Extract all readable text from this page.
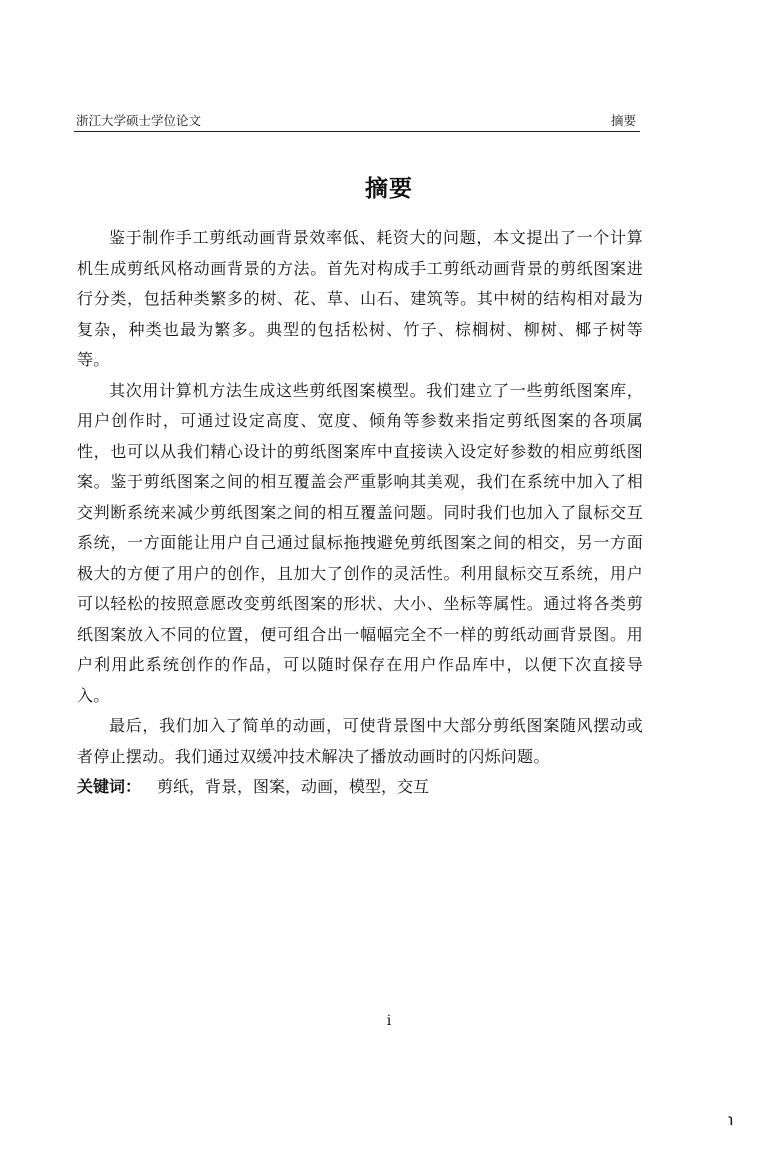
浙江大学硕士学位论文	摘要
摘要

鉴于制作手工剪纸动画背景效率低、耗资大的问题，本文提出了一个计算机生成剪纸风格动画背景的方法。首先对构成手工剪纸动画背景的剪纸图案进行分类，包括种类繁多的树、花、草、山石、建筑等。其中树的结构相对最为复杂，种类也最为繁多。典型的包括松树、竹子、棕榈树、柳树、椰子树等等。

其次用计算机方法生成这些剪纸图案模型。我们建立了一些剪纸图案库，用户创作时，可通过设定高度、宽度、倾角等参数来指定剪纸图案的各项属性，也可以从我们精心设计的剪纸图案库中直接读入设定好参数的相应剪纸图案。鉴于剪纸图案之间的相互覆盖会严重影响其美观，我们在系统中加入了相交判断系统来减少剪纸图案之间的相互覆盖问题。同时我们也加入了鼠标交互系统，一方面能让用户自己通过鼠标拖拽避免剪纸图案之间的相交，另一方面极大的方便了用户的创作，且加大了创作的灵活性。利用鼠标交互系统，用户可以轻松的按照意愿改变剪纸图案的形状、大小、坐标等属性。通过将各类剪纸图案放入不同的位置，便可组合出一幅幅完全不一样的剪纸动画背景图。用户利用此系统创作的作品，可以随时保存在用户作品库中，以便下次直接导入。

最后，我们加入了简单的动画，可使背景图中大部分剪纸图案随风摆动或者停止摆动。我们通过双缓冲技术解决了播放动画时的闪烁问题。

关键词： 剪纸，背景，图案，动画，模型，交互

i
℩
